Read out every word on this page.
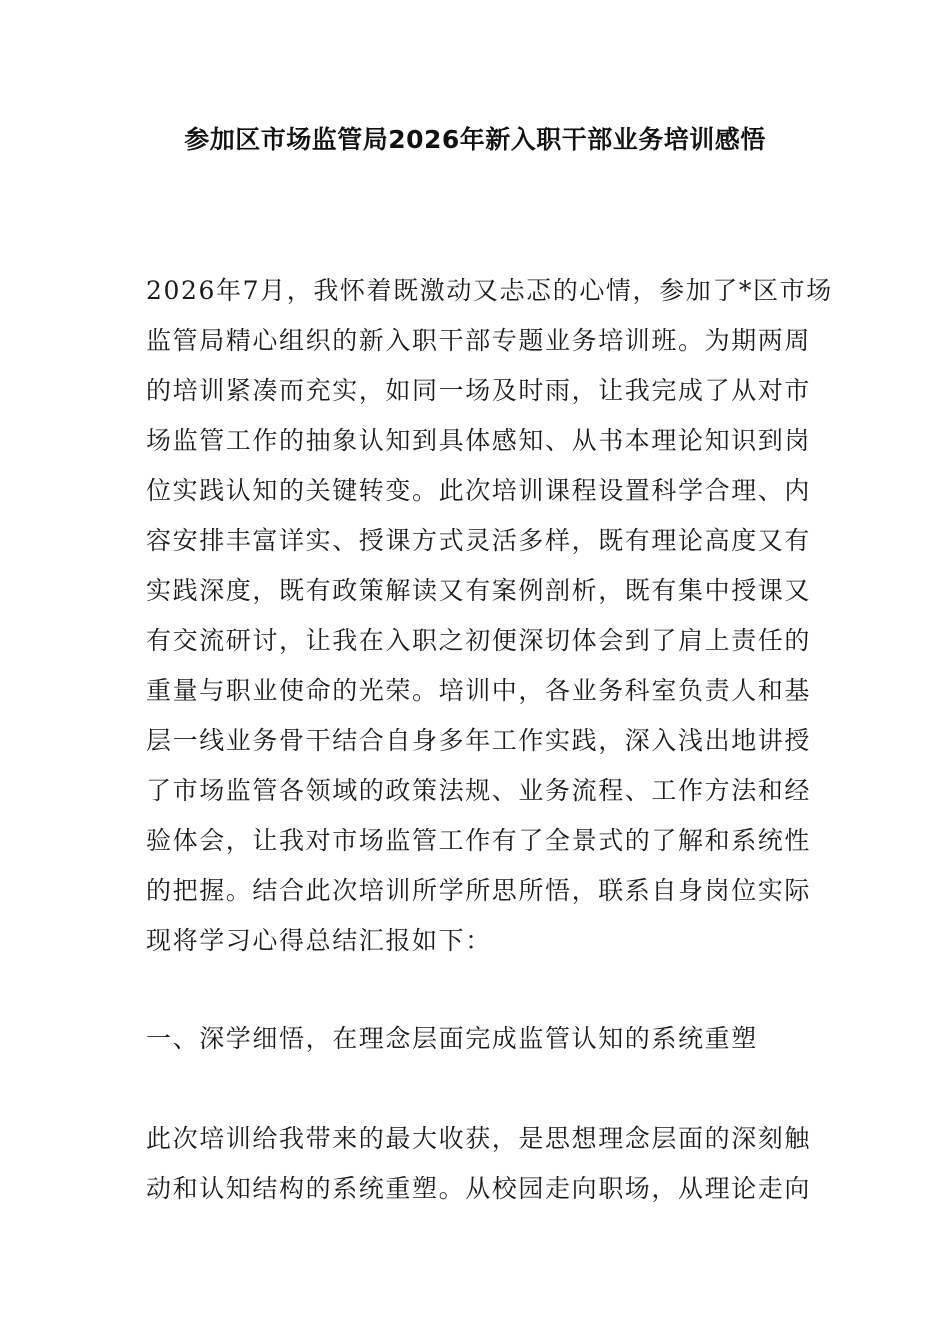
参加区市场监管局2026年新入职干部业务培训感悟
2026年7月，我怀着既激动又忐忑的心情，参加了*区市场
监管局精心组织的新入职干部专题业务培训班。为期两周
的培训紧凑而充实，如同一场及时雨，让我完成了从对市
场监管工作的抽象认知到具体感知、从书本理论知识到岗
位实践认知的关键转变。此次培训课程设置科学合理、内
容安排丰富详实、授课方式灵活多样，既有理论高度又有
实践深度，既有政策解读又有案例剖析，既有集中授课又
有交流研讨，让我在入职之初便深切体会到了肩上责任的
重量与职业使命的光荣。培训中，各业务科室负责人和基
层一线业务骨干结合自身多年工作实践，深入浅出地讲授
了市场监管各领域的政策法规、业务流程、工作方法和经
验体会，让我对市场监管工作有了全景式的了解和系统性
的把握。结合此次培训所学所思所悟，联系自身岗位实际
现将学习心得总结汇报如下：
一、深学细悟，在理念层面完成监管认知的系统重塑
此次培训给我带来的最大收获，是思想理念层面的深刻触
动和认知结构的系统重塑。从校园走向职场，从理论走向
